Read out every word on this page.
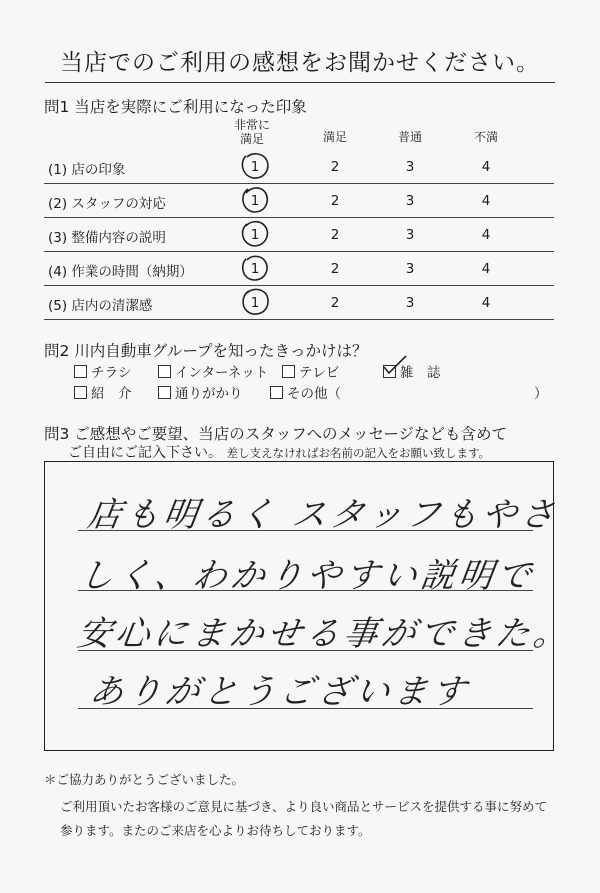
当店でのご利用の感想をお聞かせください。
問1 当店を実際にご利用になった印象
非常に
満足	満足	普通	不満
(1) 店の印象	1	2	3	4
(2) スタッフの対応	1	2	3	4
(3) 整備内容の説明	1	2	3	4
(4) 作業の時間（納期）	1	2	3	4
(5) 店内の清潔感	1	2	3	4
問2 川内自動車グループを知ったきっかけは？
チラシ	インターネット	テレビ	雑　誌
紹　介	通りがかり	その他（	）
問3 ご感想やご要望、当店のスタッフへのメッセージなども含めて
ご自由にご記入下さい。 差し支えなければお名前の記入をお願い致します。
店も明るく スタッフもやさ
しく、わかりやすい説明で
安心にまかせる事ができた。
ありがとうございます
＊ご協力ありがとうございました。
ご利用頂いたお客様のご意見に基づき、より良い商品とサービスを提供する事に努めて
参ります。またのご来店を心よりお待ちしております。
